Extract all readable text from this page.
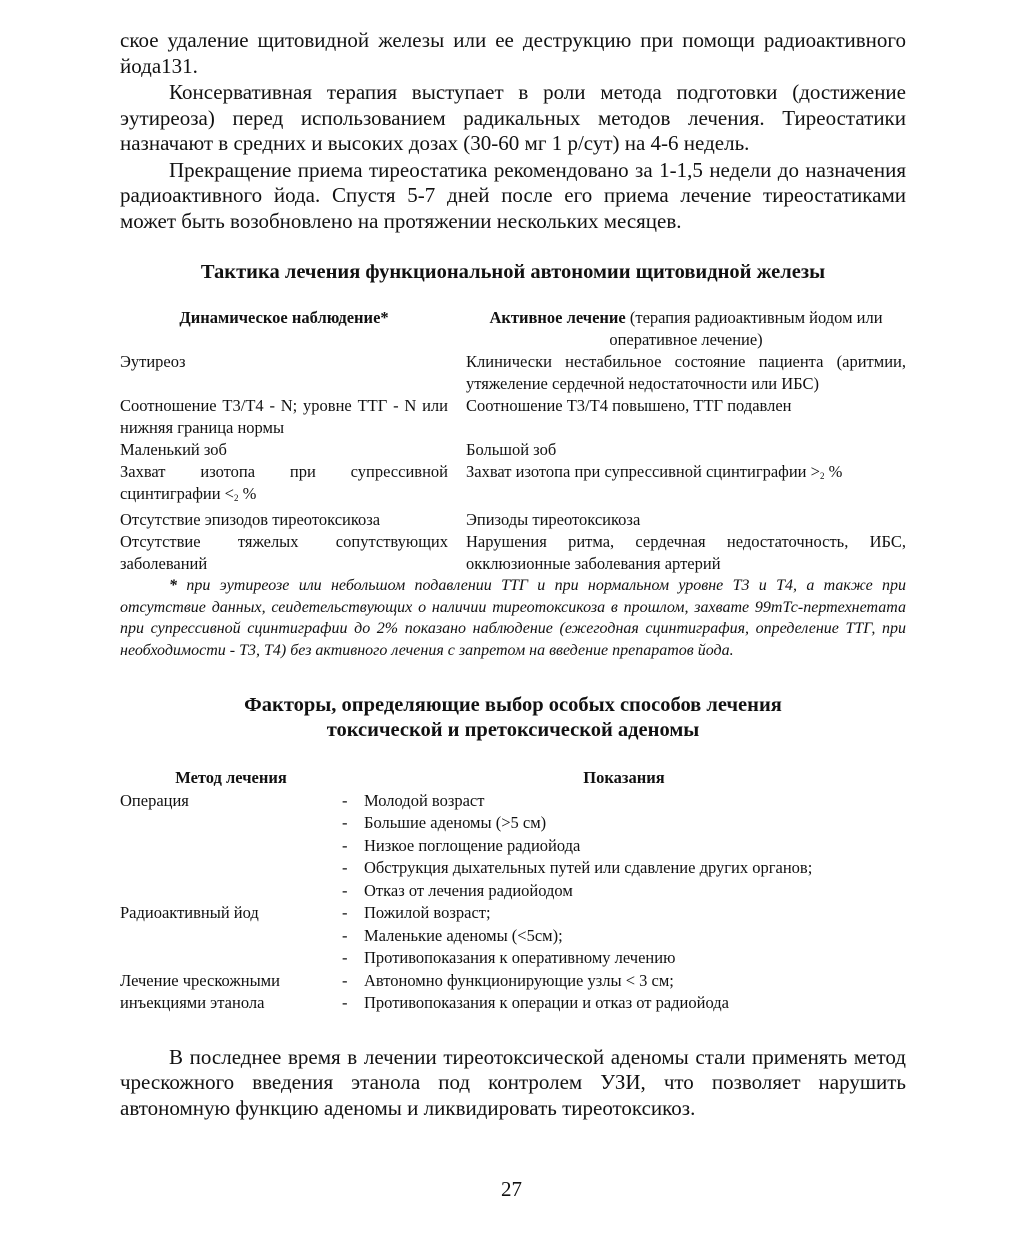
ское удаление щитовидной железы или ее деструкцию при помощи радиоактивного йода131.

Консервативная терапия выступает в роли метода подготовки (достижение эутиреоза) перед использованием радикальных методов лечения. Тиреостатики назначают в средних и высоких дозах (30-60 мг 1 р/сут) на 4-6 недель.

Прекращение приема тиреостатика рекомендовано за 1-1,5 недели до назначения радиоактивного йода. Спустя 5-7 дней после его приема лечение тиреостатиками может быть возобновлено на протяжении нескольких месяцев.

Тактика лечения функциональной автономии щитовидной железы

Динамическое наблюдение*	Активное лечение (терапия радиоактивным йодом или оперативное лечение)
Эутиреоз	Клинически нестабильное состояние пациента (аритмии, утяжеление сердечной недостаточности или ИБС)
Соотношение Т3/Т4 - N; уровне ТТГ - N или нижняя граница нормы	Соотношение Т3/Т4 повышено, ТТГ подавлен
Маленький зоб	Большой зоб
Захват изотопа при супрессивной сцинтиграфии $<_2$ %	Захват изотопа при супрессивной сцинтиграфии $>_2$ %
Отсутствие эпизодов тиреотоксикоза	Эпизоды тиреотоксикоза
Отсутствие тяжелых сопутствующих заболеваний	Нарушения ритма, сердечная недостаточность, ИБС, окклюзионные заболевания артерий

* при эутиреозе или небольшом подавлении ТТГ и при нормальном уровне Т3 и Т4, а также при отсутствие данных, сеидетельствующих о наличии тиреотоксикоза в прошлом, захвате 99mТс-пертехнетата при супрессивной сцинтиграфии до 2% показано наблюдение (ежегодная сцинтиграфия, определение ТТГ, при необходимости - Т3, Т4) без активного лечения с запретом на введение препаратов йода.

Факторы, определяющие выбор особых способов лечения

токсической и претоксической аденомы

Метод лечения	Показания	
Операция	-	Молодой возраст
	-	Большие аденомы (>5 см)
	-	Низкое поглощение радиойода
	-	Обструкция дыхательных путей или сдавление других органов;
	-	Отказ от лечения радиойодом
Радиоактивный йод	-	Пожилой возраст;
	-	Маленькие аденомы (<5см);
	-	Противопоказания к оперативному лечению
Лечение чрескожными	-	Автономно функционирующие узлы < 3 см;
инъекциями этанола	-	Противопоказания к операции и отказ от радиойода

В последнее время в лечении тиреотоксической аденомы стали применять метод чрескожного введения этанола под контролем УЗИ, что позволяет нарушить автономную функцию аденомы и ликвидировать тиреотоксикоз.

27
